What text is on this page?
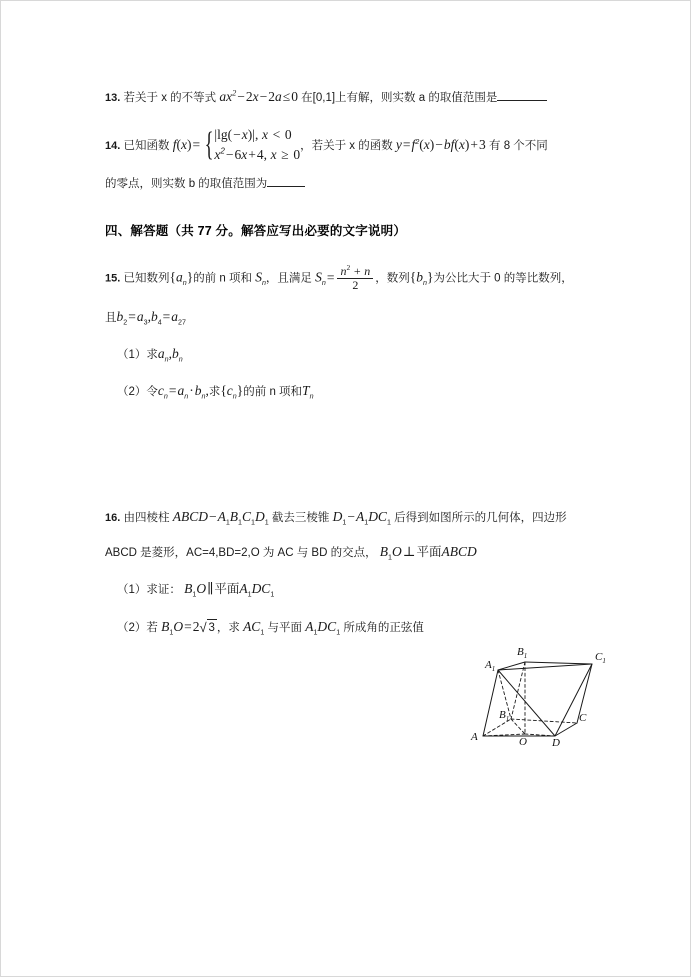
13. 若关于 x 的不等式 $ax^2-2x-2a\le 0$ 在[0,1]上有解，则实数 a 的取值范围是
14. 已知函数 f(x)= { |lg(−x)|, x < 0
$x^2-6x+4$, x ≥ 0
，若关于 x 的函数 $y=f^2(x)-bf(x)+3$ 有 8 个不同
的零点，则实数 b 的取值范围为
四、解答题（共 77 分。解答应写出必要的文字说明）
15. 已知数列$\{a_n\}$的前 n 项和 $S_n$，且满足 $S_n= \frac{n^2 + n}{2}$ ，数列$\{b_n\}$为公比大于 0 的等比数列，
且$b_2=a_3,b_4=a_{27}$
（1）求$a_n,b_n$
（2）令$c_n=a_n\cdot b_n$,求$\{c_n\}$的前 n 项和$T_n$
16. 由四棱柱 $ABCD-A_1B_1C_1D_1$ 截去三棱锥 $D_1-A_1DC_1$ 后得到如图所示的几何体，四边形
ABCD 是菱形，AC=4,BD=2,O 为 AC 与 BD 的交点， $B_1O\perp$平面ABCD
（1）求证： $B_1O\parallel$平面$A_1DC_1$
（2）若 $B_1O=2$ √ 3 ，求 $AC_1$ 与平面 $A_1DC_1$ 所成角的正弦值
$A_1$
$B_1$	$C_1$
$B_1$	C
A	O D
